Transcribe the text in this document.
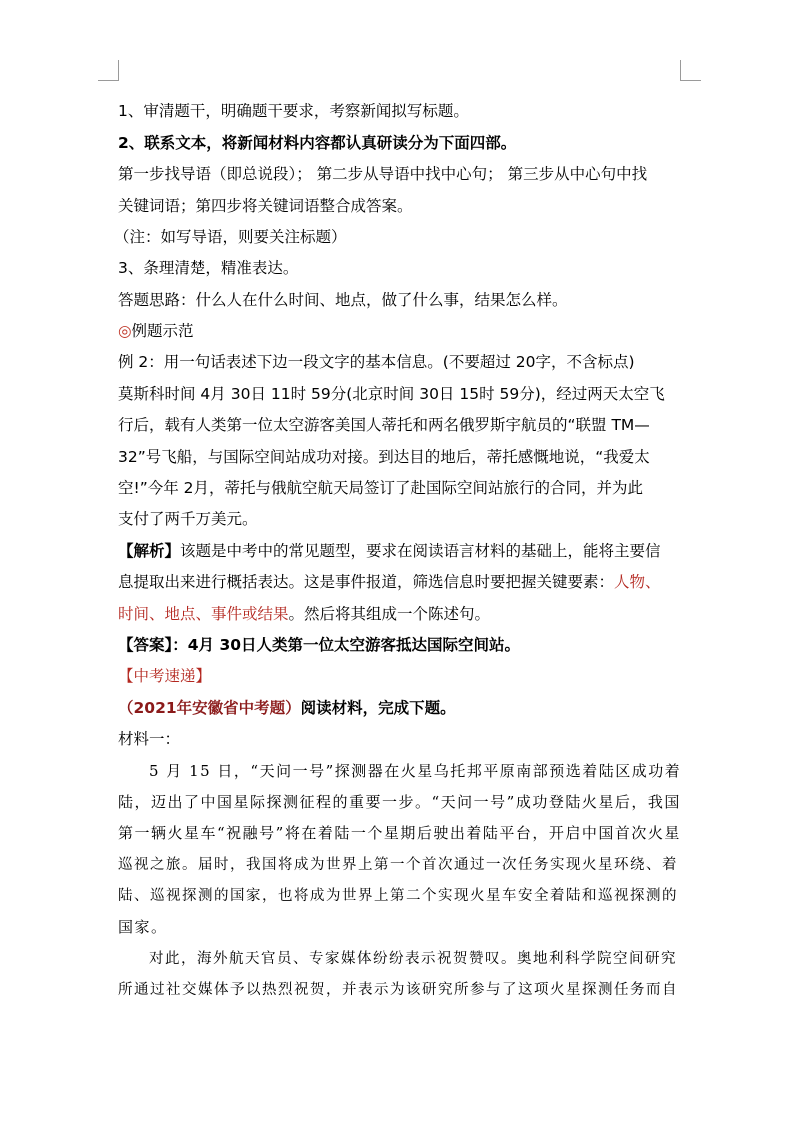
1、审清题干，明确题干要求，考察新闻拟写标题。
2、联系文本，将新闻材料内容都认真研读分为下面四部。
第一步找导语（即总说段）； 第二步从导语中找中心句； 第三步从中心句中找
关键词语；第四步将关键词语整合成答案。
（注：如写导语，则要关注标题）
3、条理清楚，精准表达。
答题思路：什么人在什么时间、地点，做了什么事，结果怎么样。
◎例题示范
例 2：用一句话表述下边一段文字的基本信息。(不要超过 20字，不含标点)
莫斯科时间 4月 30日 11时 59分(北京时间 30日 15时 59分)，经过两天太空飞
行后，载有人类第一位太空游客美国人蒂托和两名俄罗斯宇航员的“联盟 TM—
32”号飞船，与国际空间站成功对接。到达目的地后，蒂托感慨地说，“我爱太
空!”今年 2月，蒂托与俄航空航天局签订了赴国际空间站旅行的合同，并为此
支付了两千万美元。
【解析】该题是中考中的常见题型，要求在阅读语言材料的基础上，能将主要信
息提取出来进行概括表达。这是事件报道，筛选信息时要把握关键要素：人物、
时间、地点、事件或结果。然后将其组成一个陈述句。
【答案】：4月 30日人类第一位太空游客抵达国际空间站。
【中考速递】
（2021年安徽省中考题）阅读材料，完成下题。
材料一：
5 月 15 日，“天问一号”探测器在火星乌托邦平原南部预选着陆区成功着
陆，迈出了中国星际探测征程的重要一步。“天问一号”成功登陆火星后，我国
第一辆火星车“祝融号”将在着陆一个星期后驶出着陆平台，开启中国首次火星
巡视之旅。届时，我国将成为世界上第一个首次通过一次任务实现火星环绕、着
陆、巡视探测的国家，也将成为世界上第二个实现火星车安全着陆和巡视探测的
国家。
对此，海外航天官员、专家媒体纷纷表示祝贺赞叹。奥地利科学院空间研究
所通过社交媒体予以热烈祝贺，并表示为该研究所参与了这项火星探测任务而自
